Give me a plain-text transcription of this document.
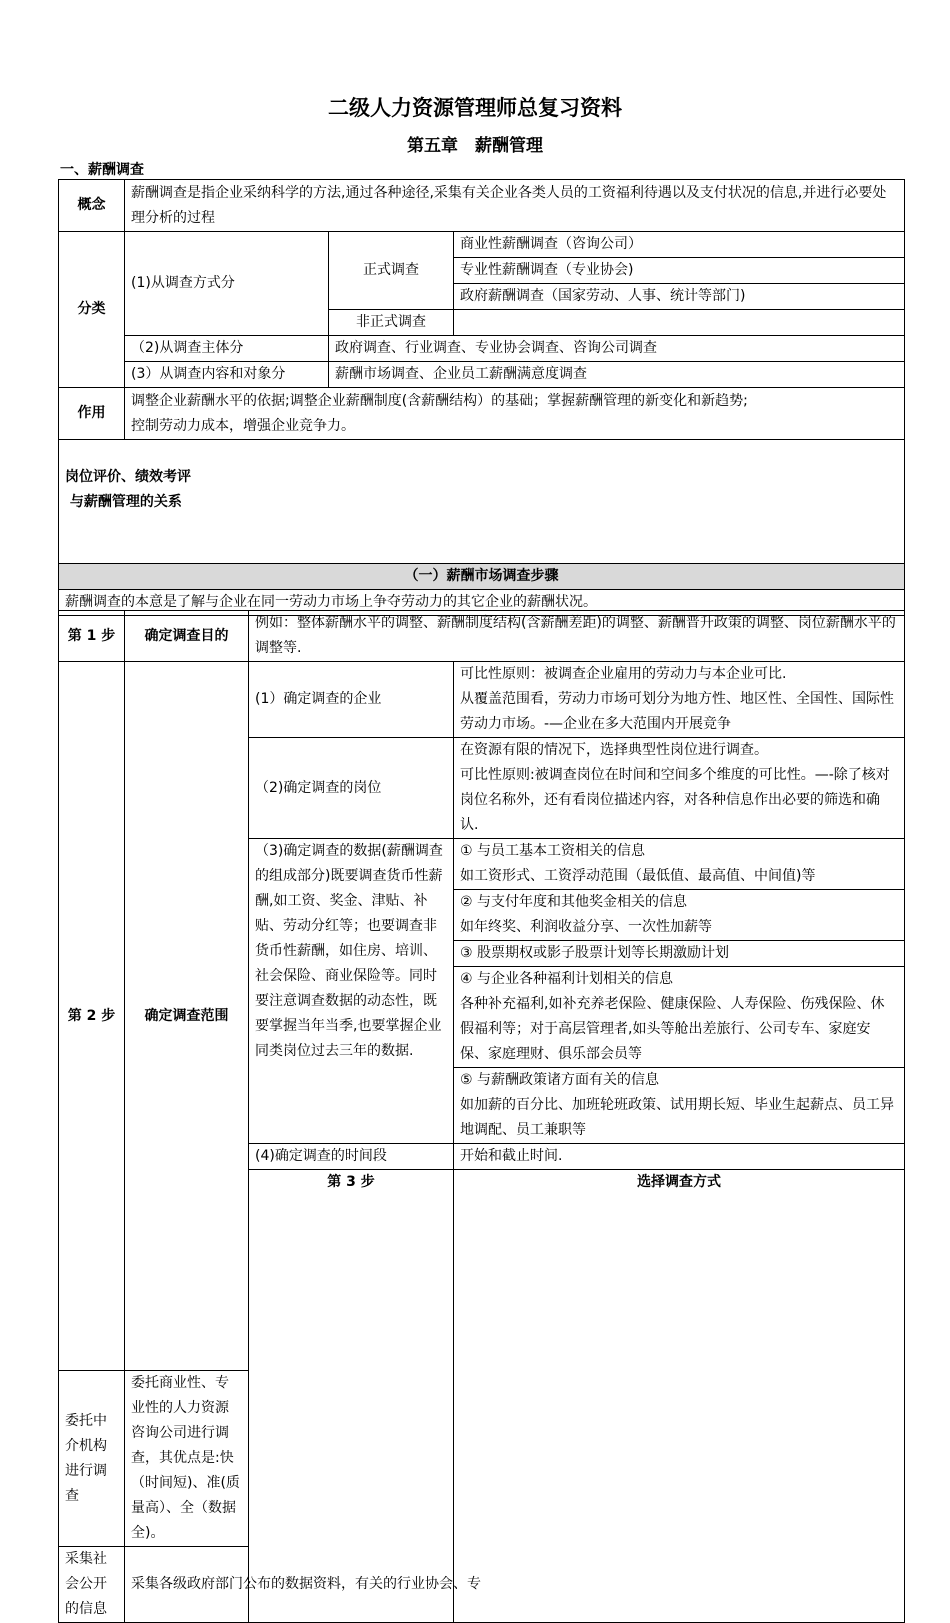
二级人力资源管理师总复习资料
第五章　薪酬管理
一、薪酬调查
概念	薪酬调查是指企业采纳科学的方法,通过各种途径,采集有关企业各类人员的工资福利待遇以及支付状况的信息,并进行必要处理分析的过程		
分类	(1)从调查方式分	正式调查	商业性薪酬调查（咨询公司）
			专业性薪酬调查（专业协会)
			政府薪酬调查（国家劳动、人事、统计等部门)
		非正式调查	
	（2)从调查主体分	政府调查、行业调查、专业协会调查、咨询公司调查	
	(3）从调查内容和对象分	薪酬市场调查、企业员工薪酬满意度调查	
作用	调整企业薪酬水平的依据;调整企业薪酬制度(含薪酬结构）的基础；掌握薪酬管理的新变化和新趋势;
控制劳动力成本，增强企业竞争力。		

岗位评价、绩效考评
与薪酬管理的关系			

（一）薪酬市场调查步骤			
薪酬调查的本意是了解与企业在同一劳动力市场上争夺劳动力的其它企业的薪酬状况。			
第 1 步	确定调查目的	例如：整体薪酬水平的调整、薪酬制度结构(含薪酬差距)的调整、薪酬晋升政策的调整、岗位薪酬水平的调整等.		
第 2 步	确定调查范围	(1）确定调查的企业	可比性原则：被调查企业雇用的劳动力与本企业可比.
从覆盖范围看，劳动力市场可划分为地方性、地区性、全国性、国际性劳动力市场。-—企业在多大范围内开展竞争	

		（2)确定调查的岗位	在资源有限的情况下，选择典型性岗位进行调查。
可比性原则:被调查岗位在时间和空间多个维度的可比性。—-除了核对岗位名称外，还有看岗位描述内容，对各种信息作出必要的筛选和确认.	

		（3)确定调查的数据(薪酬调查的组成部分)既要调查货币性薪酬,如工资、奖金、津贴、补贴、劳动分红等；也要调查非货币性薪酬，如住房、培训、社会保险、商业保险等。同时要注意调查数据的动态性，既要掌握当年当季,也要掌握企业同类岗位过去三年的数据.	① 与员工基本工资相关的信息
如工资形式、工资浮动范围（最低值、最高值、中间值)等	

			② 与支付年度和其他奖金相关的信息
如年终奖、利润收益分享、一次性加薪等	

			③ 股票期权或影子股票计划等长期激励计划	

			④ 与企业各种福利计划相关的信息
各种补充福利,如补充养老保险、健康保险、人寿保险、伤残保险、休假福利等；对于高层管理者,如头等舱出差旅行、公司专车、家庭安保、家庭理财、俱乐部会员等	

			⑤ 与薪酬政策诸方面有关的信息
如加薪的百分比、加班轮班政策、试用期长短、毕业生起薪点、员工异地调配、员工兼职等	

		(4)确定调查的时间段	开始和截止时间.	
		第 3 步	选择调查方式		
委托中介机构进行调查	委托商业性、专业性的人力资源咨询公司进行调查，其优点是:快（时间短)、准(质量高）、全（数据全)。			
采集社会公开的信息	采集各级政府部门公布的数据资料，有关的行业协会、专			
